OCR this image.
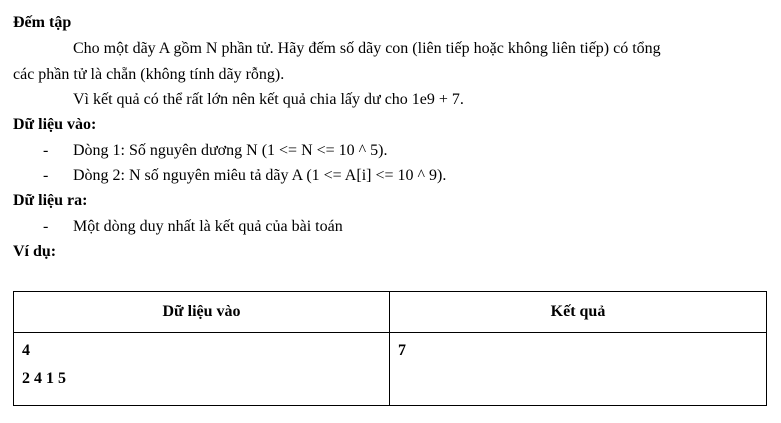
Đếm tập
Cho một dãy A gồm N phần tử. Hãy đếm số dãy con (liên tiếp hoặc không liên tiếp) có tổng
các phần tử là chẵn (không tính dãy rỗng).
Vì kết quả có thể rất lớn nên kết quả chia lấy dư cho 1e9 + 7.
Dữ liệu vào:
- Dòng 1: Số nguyên dương N (1 <= N <= 10 ^ 5).
- Dòng 2: N số nguyên miêu tả dãy A (1 <= A[i] <= 10 ^ 9).
Dữ liệu ra:
- Một dòng duy nhất là kết quả của bài toán
Ví dụ:
Dữ liệu vào	Kết quả

4
2 4 1 5	7
